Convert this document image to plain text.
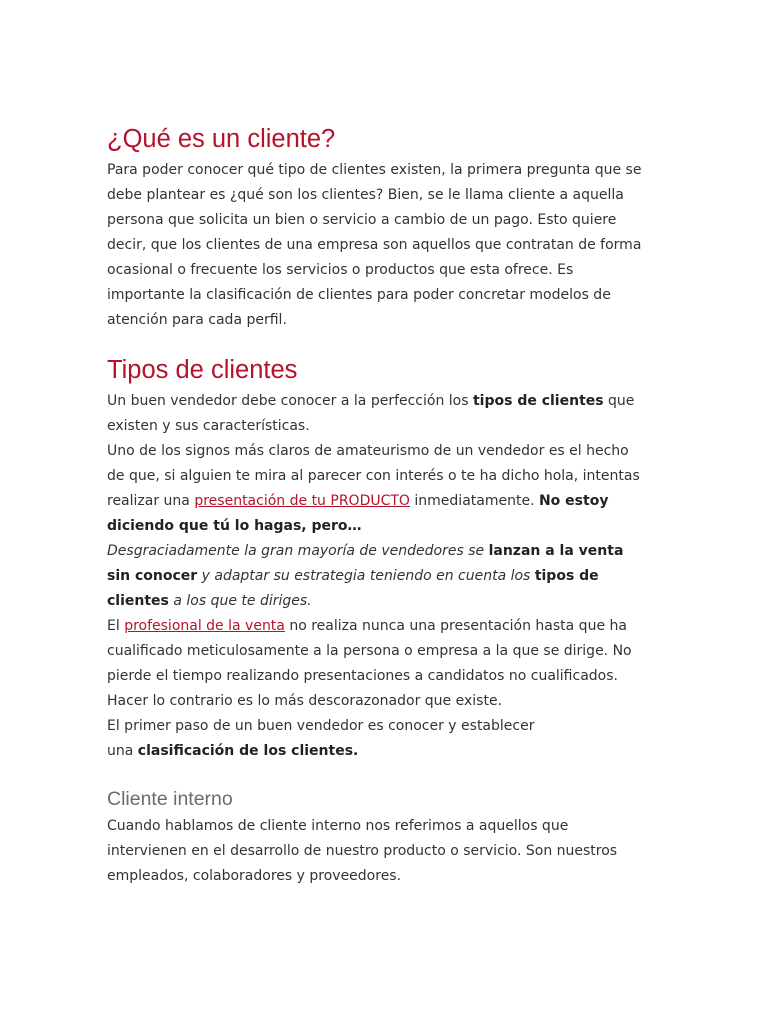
¿Qué es un cliente?

Para poder conocer qué tipo de clientes existen, la primera pregunta que se

debe plantear es ¿qué son los clientes? Bien, se le llama cliente a aquella

persona que solicita un bien o servicio a cambio de un pago. Esto quiere

decir, que los clientes de una empresa son aquellos que contratan de forma

ocasional o frecuente los servicios o productos que esta ofrece. Es

importante la clasificación de clientes para poder concretar modelos de

atención para cada perfil.

Tipos de clientes

Un buen vendedor debe conocer a la perfección los tipos de clientes que

existen y sus características.

Uno de los signos más claros de amateurismo de un vendedor es el hecho

de que, si alguien te mira al parecer con interés o te ha dicho hola, intentas

realizar una presentación de tu PRODUCTO inmediatamente. No estoy

diciendo que tú lo hagas, pero…

Desgraciadamente la gran mayoría de vendedores se lanzan a la venta

sin conocer y adaptar su estrategia teniendo en cuenta los tipos de

clientes a los que te diriges.

El profesional de la venta no realiza nunca una presentación hasta que ha

cualificado meticulosamente a la persona o empresa a la que se dirige. No

pierde el tiempo realizando presentaciones a candidatos no cualificados.

Hacer lo contrario es lo más descorazonador que existe.

El primer paso de un buen vendedor es conocer y establecer

una clasificación de los clientes.

Cliente interno

Cuando hablamos de cliente interno nos referimos a aquellos que

intervienen en el desarrollo de nuestro producto o servicio. Son nuestros

empleados, colaboradores y proveedores.
